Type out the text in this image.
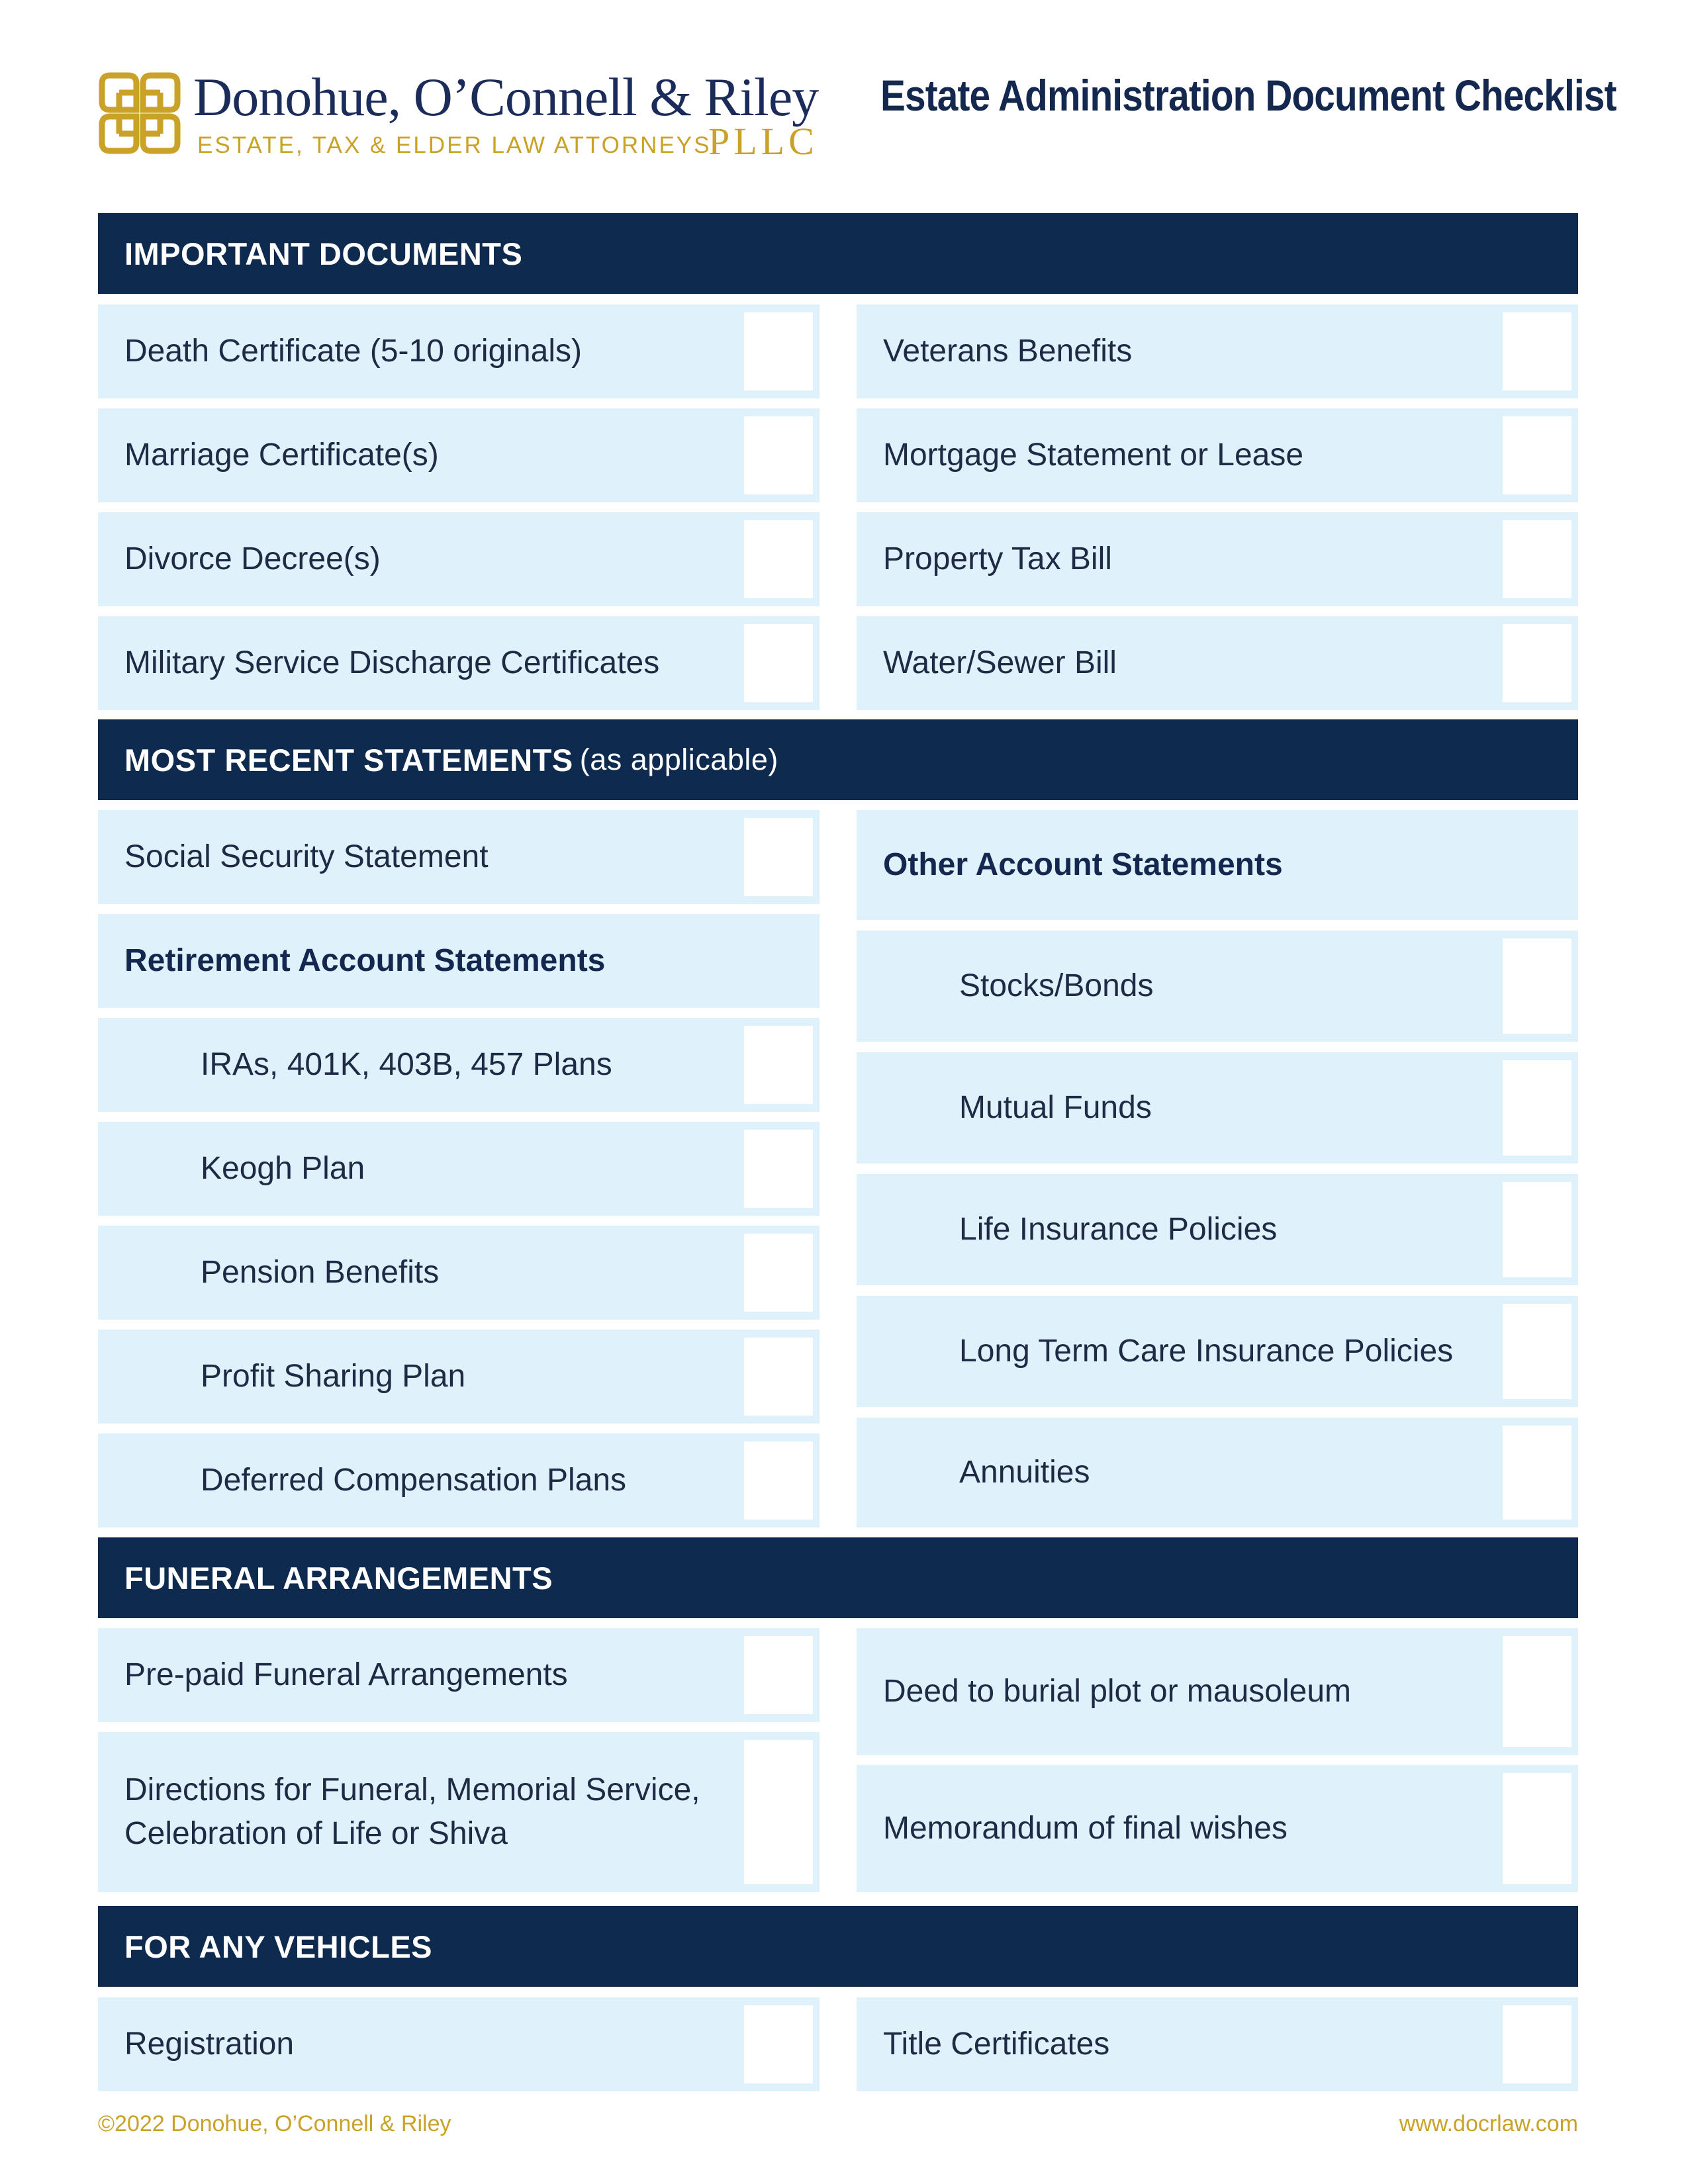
Donohue, O’Connell & Riley
ESTATE, TAX & ELDER LAW ATTORNEYS
PLLC
Estate Administration Document Checklist
IMPORTANT DOCUMENTS
Death Certificate (5-10 originals)
Marriage Certificate(s)
Divorce Decree(s)
Military Service Discharge Certificates
Veterans Benefits
Mortgage Statement or Lease
Property Tax Bill
Water/Sewer Bill
MOST RECENT STATEMENTS (as applicable)
Social Security Statement
Retirement Account Statements
IRAs, 401K, 403B, 457 Plans
Keogh Plan
Pension Benefits
Profit Sharing Plan
Deferred Compensation Plans
Other Account Statements
Stocks/Bonds
Mutual Funds
Life Insurance Policies
Long Term Care Insurance Policies
Annuities
FUNERAL ARRANGEMENTS
Pre-paid Funeral Arrangements
Directions for Funeral, Memorial Service, Celebration of Life or Shiva
Deed to burial plot or mausoleum
Memorandum of final wishes
FOR ANY VEHICLES
Registration	Title Certificates
©2022 Donohue, O’Connell & Riley	www.docrlaw.com
